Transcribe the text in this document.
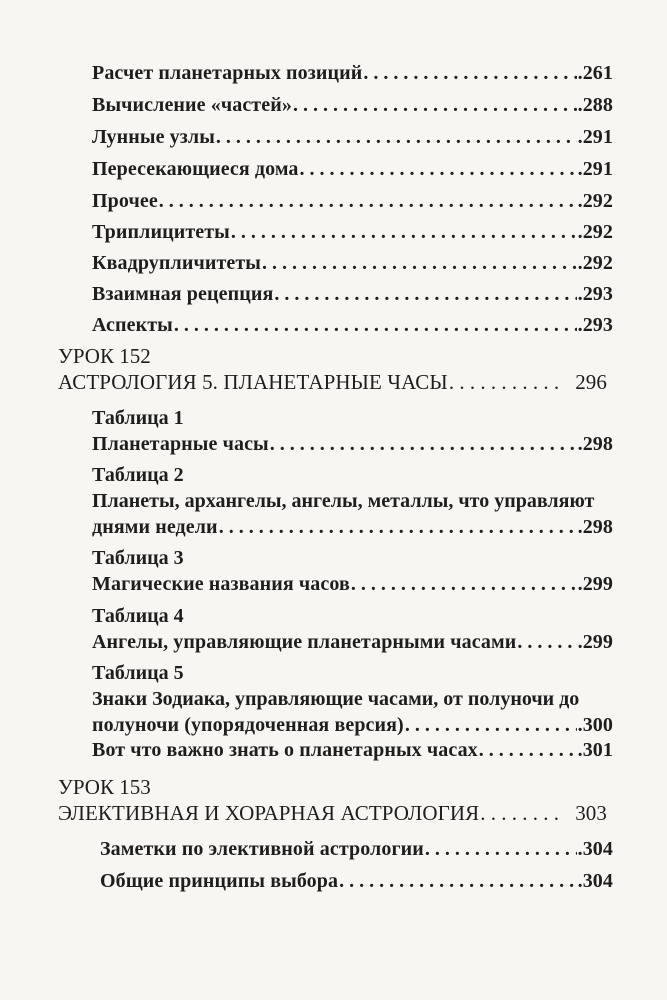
Расчет планетарных позиций . . .	.261
Вычисление «частей» . . .	.288
Лунные узлы . . .	.291
Пересекающиеся дома . . .	.291
Прочее . . .	.292
Триплицитеты . . .	.292
Квадрупличитеты . . .	.292
Взаимная рецепция . . .	.293
Аспекты . . .	.293
УРОК 152
АСТРОЛОГИЯ 5. ПЛАНЕТАРНЫЕ ЧАСЫ . . .	296
Таблица 1
Планетарные часы . . .	.298
Таблица 2
Планеты, архангелы, ангелы, металлы, что управляют
днями недели . . .	.298
Таблица 3
Магические названия часов . . .	.299
Таблица 4
Ангелы, управляющие планетарными часами . . .	.299
Таблица 5
Знаки Зодиака, управляющие часами, от полуночи до
полуночи (упорядоченная версия) . . .	.300
Вот что важно знать о планетарных часах . . .	.301
УРОК 153
ЭЛЕКТИВНАЯ И ХОРАРНАЯ АСТРОЛОГИЯ . . .	303
Заметки по элективной астрологии . . .	.304
Общие принципы выбора . . .	.304
